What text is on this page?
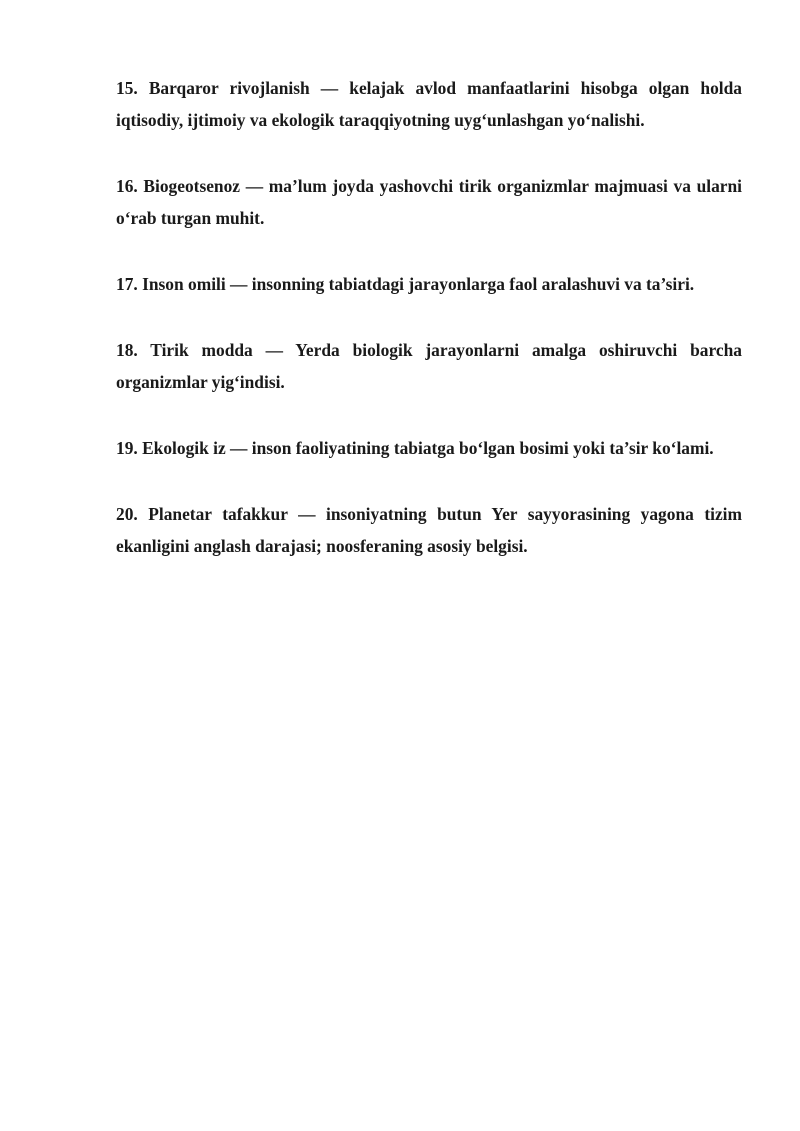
15. Barqaror rivojlanish — kelajak avlod manfaatlarini hisobga olgan holda iqtisodiy, ijtimoiy va ekologik taraqqiyotning uyg‘unlashgan yo‘nalishi.

16. Biogeotsenoz — ma’lum joyda yashovchi tirik organizmlar majmuasi va ularni o‘rab turgan muhit.

17. Inson omili — insonning tabiatdagi jarayonlarga faol aralashuvi va ta’siri.

18. Tirik modda — Yerda biologik jarayonlarni amalga oshiruvchi barcha organizmlar yig‘indisi.

19. Ekologik iz — inson faoliyatining tabiatga bo‘lgan bosimi yoki ta’sir ko‘lami.

20. Planetar tafakkur — insoniyatning butun Yer sayyorasining yagona tizim ekanligini anglash darajasi; noosferaning asosiy belgisi.
